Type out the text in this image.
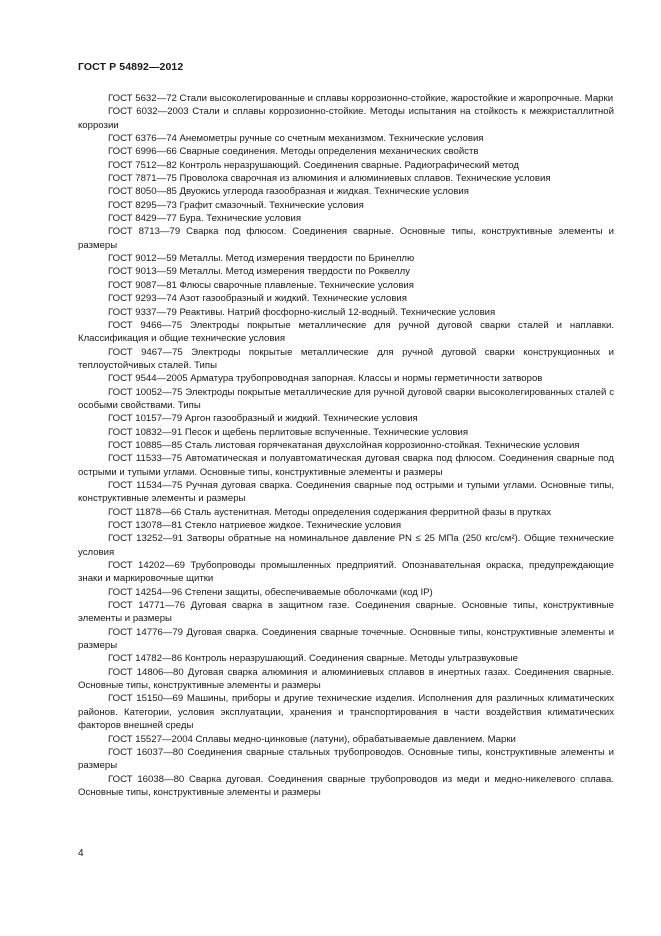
ГОСТ Р 54892—2012

ГОСТ 5632—72 Стали высоколегированные и сплавы коррозионно-стойкие, жаростойкие и жаропрочные. Марки

ГОСТ 6032—2003 Стали и сплавы коррозионно-стойкие. Методы испытания на стойкость к межкристаллитной коррозии

ГОСТ 6376—74 Анемометры ручные со счетным механизмом. Технические условия

ГОСТ 6996—66 Сварные соединения. Методы определения механических свойств

ГОСТ 7512—82 Контроль неразрушающий. Соединения сварные. Радиографический метод

ГОСТ 7871—75 Проволока сварочная из алюминия и алюминиевых сплавов. Технические условия

ГОСТ 8050—85 Двуокись углерода газообразная и жидкая. Технические условия

ГОСТ 8295—73 Графит смазочный. Технические условия

ГОСТ 8429—77 Бура. Технические условия

ГОСТ 8713—79 Сварка под флюсом. Соединения сварные. Основные типы, конструктивные элементы и размеры

ГОСТ 9012—59 Металлы. Метод измерения твердости по Бринеллю

ГОСТ 9013—59 Металлы. Метод измерения твердости по Роквеллу

ГОСТ 9087—81 Флюсы сварочные плавленые. Технические условия

ГОСТ 9293—74 Азот газообразный и жидкий. Технические условия

ГОСТ 9337—79 Реактивы. Натрий фосфорно-кислый 12-водный. Технические условия

ГОСТ 9466—75 Электроды покрытые металлические для ручной дуговой сварки сталей и наплавки. Классификация и общие технические условия

ГОСТ 9467—75 Электроды покрытые металлические для ручной дуговой сварки конструкционных и теплоустойчивых сталей. Типы

ГОСТ 9544—2005 Арматура трубопроводная запорная. Классы и нормы герметичности затворов

ГОСТ 10052—75 Электроды покрытые металлические для ручной дуговой сварки высоколегированных сталей с особыми свойствами. Типы

ГОСТ 10157—79 Аргон газообразный и жидкий. Технические условия

ГОСТ 10832—91 Песок и щебень перлитовые вспученные. Технические условия

ГОСТ 10885—85 Сталь листовая горячекатаная двухслойная коррозионно-стойкая. Технические условия

ГОСТ 11533—75 Автоматическая и полуавтоматическая дуговая сварка под флюсом. Соединения сварные под острыми и тупыми углами. Основные типы, конструктивные элементы и размеры

ГОСТ 11534—75 Ручная дуговая сварка. Соединения сварные под острыми и тупыми углами. Основные типы, конструктивные элементы и размеры

ГОСТ 11878—66 Сталь аустенитная. Методы определения содержания ферритной фазы в прутках

ГОСТ 13078—81 Стекло натриевое жидкое. Технические условия

ГОСТ 13252—91 Затворы обратные на номинальное давление PN ≤ 25 МПа (250 кгс/см²). Общие технические условия

ГОСТ 14202—69 Трубопроводы промышленных предприятий. Опознавательная окраска, предупреждающие знаки и маркировочные щитки

ГОСТ 14254—96 Степени защиты, обеспечиваемые оболочками (код IP)

ГОСТ 14771—76 Дуговая сварка в защитном газе. Соединения сварные. Основные типы, конструктивные элементы и размеры

ГОСТ 14776—79 Дуговая сварка. Соединения сварные точечные. Основные типы, конструктивные элементы и размеры

ГОСТ 14782—86 Контроль неразрушающий. Соединения сварные. Методы ультразвуковые

ГОСТ 14806—80 Дуговая сварка алюминия и алюминиевых сплавов в инертных газах. Соединения сварные. Основные типы, конструктивные элементы и размеры

ГОСТ 15150—69 Машины, приборы и другие технические изделия. Исполнения для различных климатических районов. Категории, условия эксплуатации, хранения и транспортирования в части воздействия климатических факторов внешней среды

ГОСТ 15527—2004 Сплавы медно-цинковые (латуни), обрабатываемые давлением. Марки

ГОСТ 16037—80 Соединения сварные стальных трубопроводов. Основные типы, конструктивные элементы и размеры

ГОСТ 16038—80 Сварка дуговая. Соединения сварные трубопроводов из меди и медно-никелевого сплава. Основные типы, конструктивные элементы и размеры

4
